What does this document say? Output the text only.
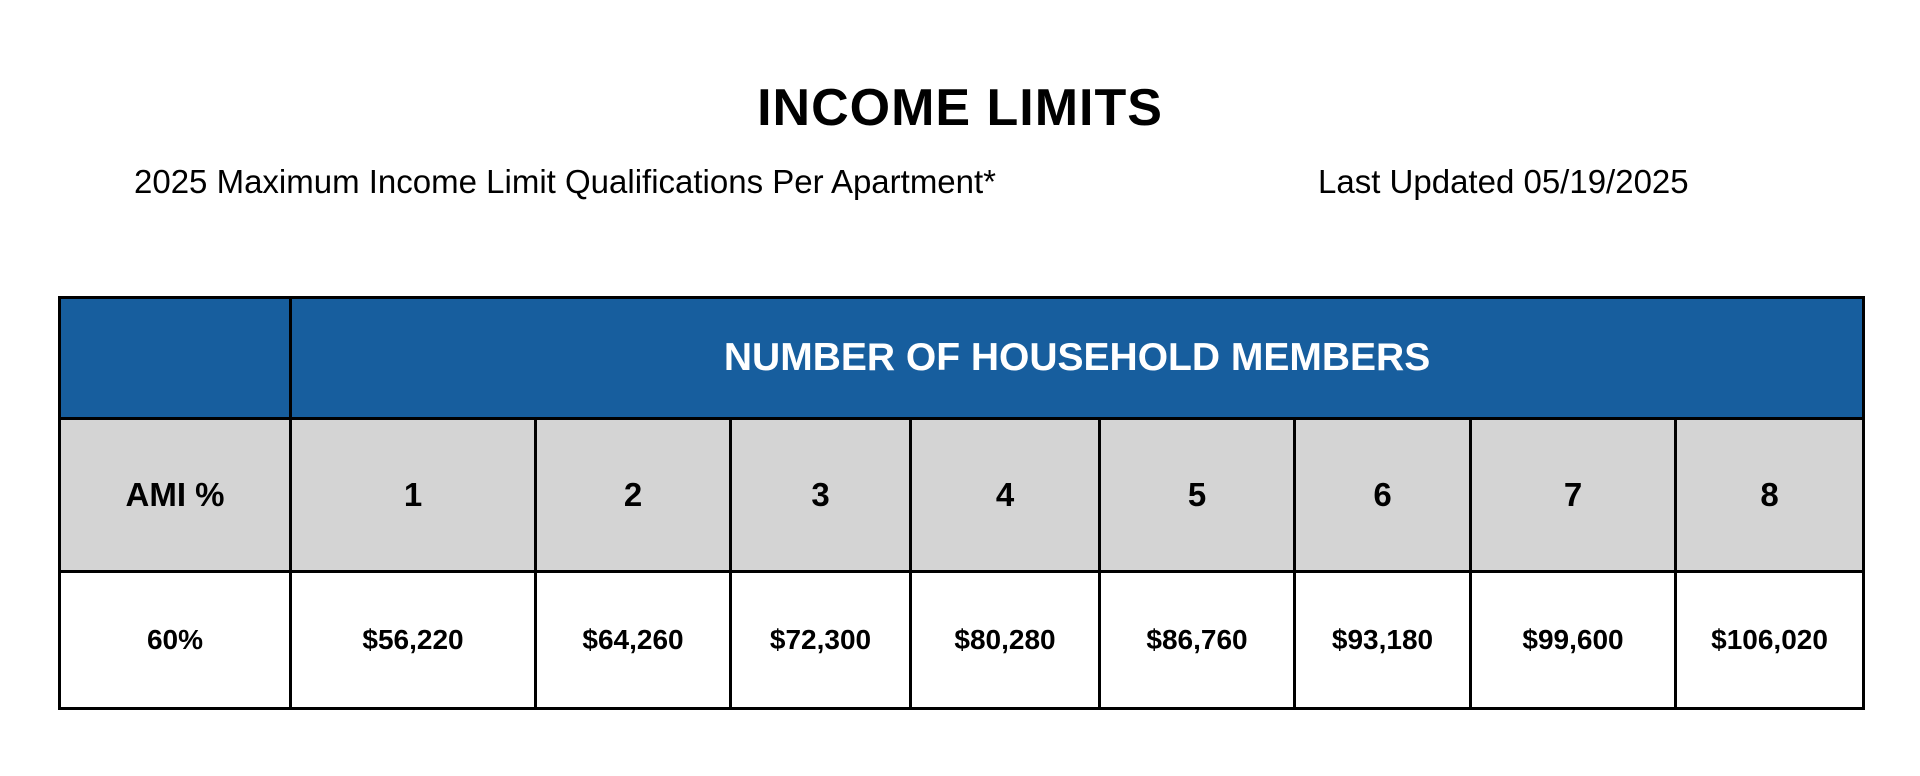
INCOME LIMITS
2025 Maximum Income Limit Qualifications Per Apartment*	Last Updated 05/19/2025
	NUMBER OF HOUSEHOLD MEMBERS							
AMI %	1	2	3	4	5	6	7	8
60%	$56,220	$64,260	$72,300	$80,280	$86,760	$93,180	$99,600	$106,020
